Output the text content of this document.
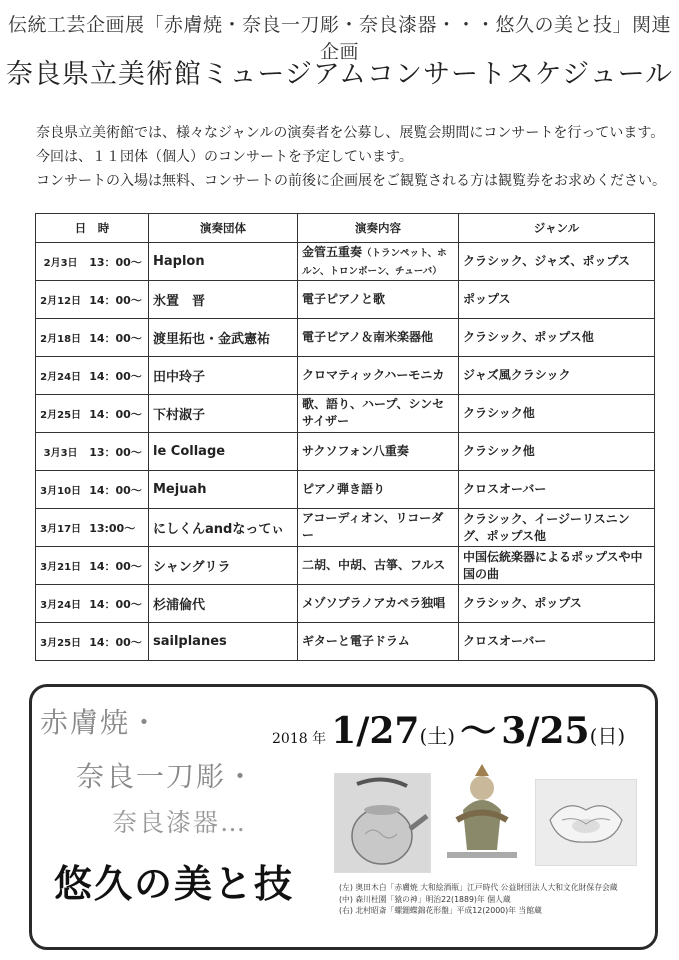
伝統工芸企画展「赤膚焼・奈良一刀彫・奈良漆器・・・悠久の美と技」関連企画
奈良県立美術館ミュージアムコンサートスケジュール

奈良県立美術館では、様々なジャンルの演奏者を公募し、展覧会期間にコンサートを行っています。

今回は、１１団体（個人）のコンサートを予定しています。

コンサートの入場は無料、コンサートの前後に企画展をご観覧される方は観覧券をお求めください。

日　時		演奏団体	演奏内容	ジャンル
2月3日	13：00～	Haplon	金管五重奏（トランペット、ホルン、トロンボーン、チューバ）	クラシック、ジャズ、ポップス
2月12日	14：00～	氷置　晋	電子ピアノと歌	ポップス
2月18日	14：00～	渡里拓也・金武憲祐	電子ピアノ＆南米楽器他	クラシック、ポップス他
2月24日	14：00～	田中玲子	クロマティックハーモニカ	ジャズ風クラシック
2月25日	14：00～	下村淑子	歌、語り、ハープ、シンセサイザー	クラシック他
3月3日	13：00～	le Collage	サクソフォン八重奏	クラシック他
3月10日	14：00～	Mejuah	ピアノ弾き語り	クロスオーバー
3月17日	13:00～	にしくんandなってぃ	アコーディオン、リコーダー	クラシック、イージーリスニング、ポップス他
3月21日	14：00～	シャングリラ	二胡、中胡、古箏、フルス	中国伝統楽器によるポップスや中国の曲
3月24日	14：00～	杉浦倫代	メゾソプラノアカペラ独唱	クラシック、ポップス
3月25日	14：00～	sailplanes	ギターと電子ドラム	クロスオーバー
赤膚焼・
奈良一刀彫・
奈良漆器…
悠久の美と技
2018 年 1/27(土) ～ 3/25(日)
(左) 奥田木白「赤膚焼 大和絵酒瓶」江戸時代 公益財団法人大和文化財保存会蔵
(中) 森川杜園「猿の神」明治22(1889)年 個人蔵
(右) 北村昭斎「螺鈿蝶錦花形盤」平成12(2000)年 当館蔵
